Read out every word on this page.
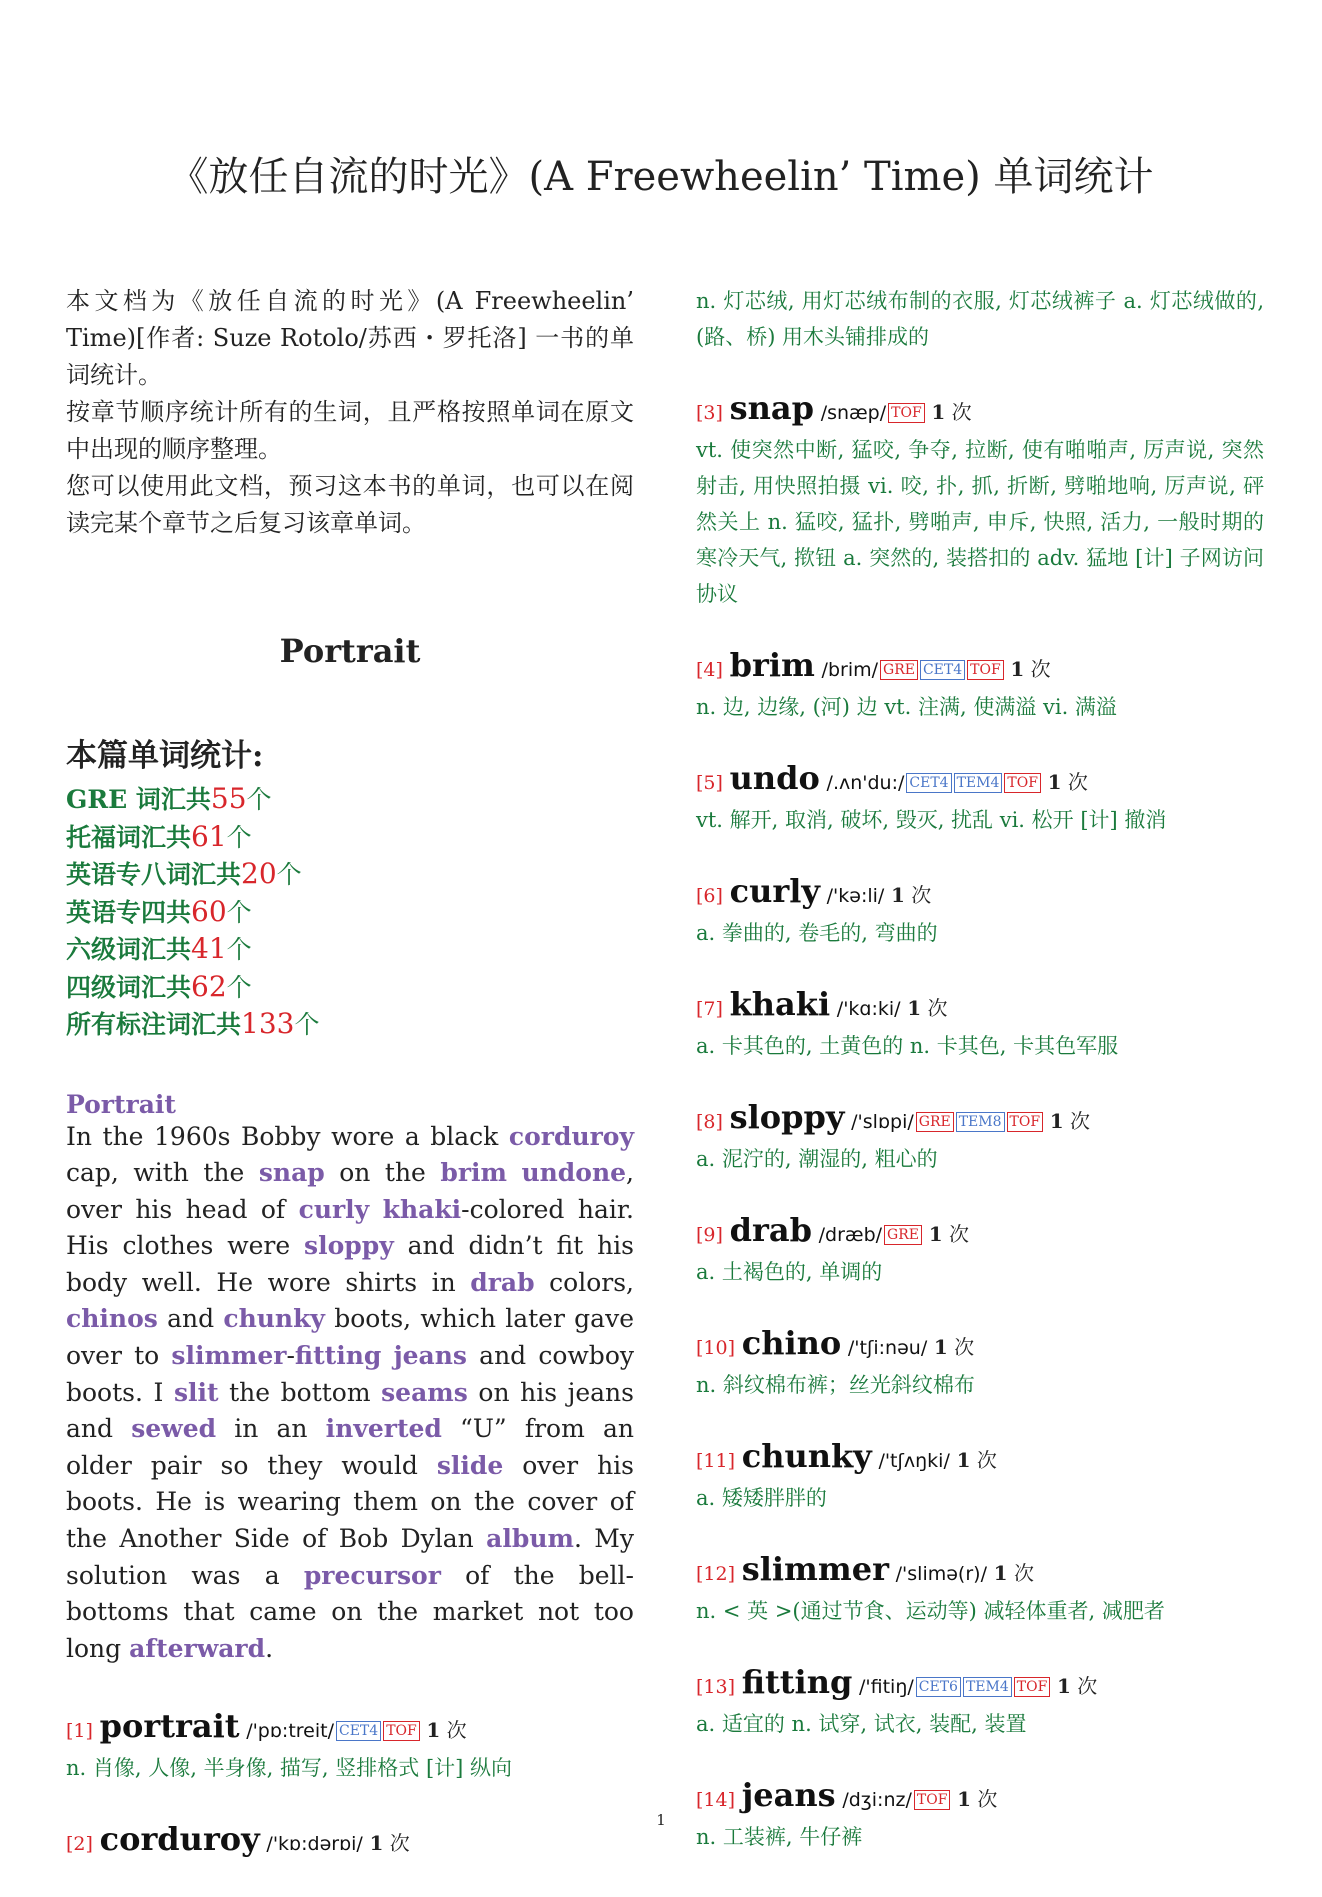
《放任自流的时光》(A Freewheelin’ Time) 单词统计

本文档为《放任自流的时光》(A Freewheelin’ Time)[作者: Suze Rotolo/苏西・罗托洛] 一书的单词统计。

按章节顺序统计所有的生词，且严格按照单词在原文中出现的顺序整理。

您可以使用此文档，预习这本书的单词，也可以在阅读完某个章节之后复习该章单词。

Portrait
本篇单词统计:
GRE 词汇共55个
托福词汇共61个
英语专八词汇共20个
英语专四共60个
六级词汇共41个
四级词汇共62个
所有标注词汇共133个
Portrait

In the 1960s Bobby wore a black corduroy cap, with the snap on the brim undone, over his head of curly khaki-colored hair. His clothes were sloppy and didn’t fit his body well. He wore shirts in drab colors, chinos and chunky boots, which later gave over to slimmer-fitting jeans and cowboy boots. I slit the bottom seams on his jeans and sewed in an inverted “U” from an older pair so they would slide over his boots. He is wearing them on the cover of the Another Side of Bob Dylan album. My solution was a precursor of the bell-bottoms that came on the market not too long afterward.

[1] portrait /'pɒ:treit/ CET4 TOF 1 次
n. 肖像, 人像, 半身像, 描写, 竖排格式 [计] 纵向
[2] corduroy /'kɒ:dərɒi/ 1 次
n. 灯芯绒, 用灯芯绒布制的衣服, 灯芯绒裤子 a. 灯芯绒做的, (路、桥) 用木头铺排成的
[3] snap /snæp/ TOF 1 次
vt. 使突然中断, 猛咬, 争夺, 拉断, 使有啪啪声, 厉声说, 突然射击, 用快照拍摄 vi. 咬, 扑, 抓, 折断, 劈啪地响, 厉声说, 砰然关上 n. 猛咬, 猛扑, 劈啪声, 申斥, 快照, 活力, 一般时期的寒冷天气, 揿钮 a. 突然的, 装搭扣的 adv. 猛地 [计] 子网访问协议
[4] brim /brim/ GRE CET4 TOF 1 次
n. 边, 边缘, (河) 边 vt. 注满, 使满溢 vi. 满溢
[5] undo /.ʌn'du:/ CET4 TEM4 TOF 1 次
vt. 解开, 取消, 破坏, 毁灭, 扰乱 vi. 松开 [计] 撤消
[6] curly /'kə:li/ 1 次
a. 拳曲的, 卷毛的, 弯曲的
[7] khaki /'kɑ:ki/ 1 次
a. 卡其色的, 土黄色的 n. 卡其色, 卡其色军服
[8] sloppy /'slɒpi/ GRE TEM8 TOF 1 次
a. 泥泞的, 潮湿的, 粗心的
[9] drab /dræb/ GRE 1 次
a. 土褐色的, 单调的
[10] chino /'tʃi:nəu/ 1 次
n. 斜纹棉布裤；丝光斜纹棉布
[11] chunky /'tʃʌŋki/ 1 次
a. 矮矮胖胖的
[12] slimmer /'slimə(r)/ 1 次
n. < 英 >(通过节食、运动等) 减轻体重者, 减肥者
[13] fitting /'fitiŋ/ CET6 TEM4 TOF 1 次
a. 适宜的 n. 试穿, 试衣, 装配, 装置
[14] jeans /dʒi:nz/ TOF 1 次
n. 工装裤, 牛仔裤
1
